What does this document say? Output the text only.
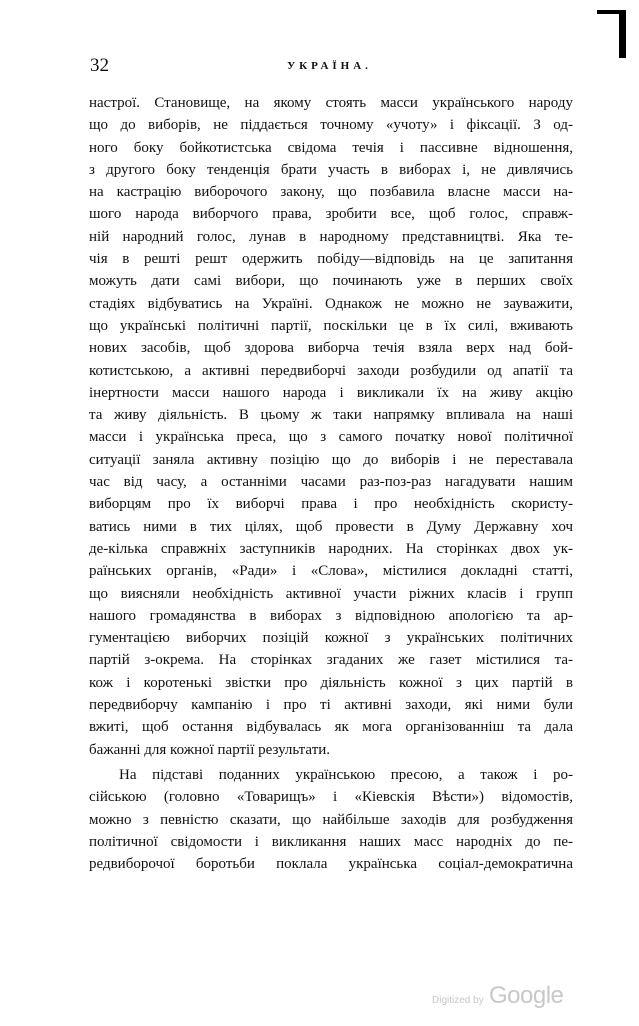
32	УКРАЇНА.
настрої. Становище, на якому стоять масси українського народу
що до виборів, не піддається точному «учоту» і фіксації. З од-
ного боку бойкотистська свідома течія і пассивне відношення,
з другого боку тенденція брати участь в виборах і, не дивлячись
на кастрацію виборочого закону, що позбавила власне масси на-
шого народа виборчого права, зробити все, щоб голос, справж-
ній народний голос, лунав в народному представництві. Яка те-
чія в решті решт одержить побіду—відповідь на це запитання
можуть дати самі вибори, що починають уже в перших своїх
стадіях відбуватись на Україні. Однакож не можно не зауважити,
що українські політичні партії, поскільки це в їх силі, вживають
нових засобів, щоб здорова виборча течія взяла верх над бой-
котистською, а активні передвиборчі заходи розбудили од апатії та
інертности масси нашого народа і викликали їх на живу акцію
та живу діяльність. В цьому ж таки напрямку впливала на наші
масси і українська преса, що з самого початку нової політичної
ситуації заняла активну позіцію що до виборів і не переставала
час від часу, а останніми часами раз-поз-раз нагадувати нашим
виборцям про їх виборчі права і про необхідність скористу-
ватись ними в тих цілях, щоб провести в Думу Державну хоч
де-кілька справжніх заступників народних. На сторінках двох ук-
раїнських органів, «Ради» і «Слова», містилися докладні статті,
що виясняли необхідність активної участи ріжних класів і групп
нашого громадянства в виборах з відповідною апологією та ар-
гументацією виборчих позіцій кожної з українських політичних
партій з-окрема. На сторінках згаданих же газет містилися та-
кож і коротенькі звістки про діяльність кожної з цих партій в
передвиборчу кампанію і про ті активні заходи, які ними були
вжиті, щоб остання відбувалась як мога організованніш та дала
бажанні для кожної партії результати.
На підставі поданних українською пресою, а також і ро-
сійською (головно «Товарищъ» і «Кіевскія Вѣсти») відомостів,
можно з певністю сказати, що найбільше заходів для розбудження
політичної свідомости і викликання наших масс народніх до пе-
редвиборочої боротьби поклала українська соціал-демократична
Digitized by Google
